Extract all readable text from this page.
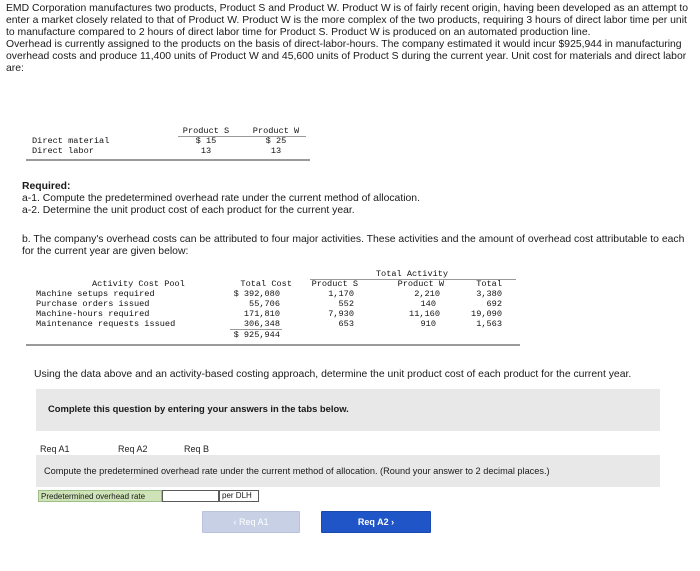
EMD Corporation manufactures two products, Product S and Product W. Product W is of fairly recent origin, having been developed as an attempt to enter a market closely related to that of Product W. Product W is the more complex of the two products, requiring 3 hours of direct labor time per unit to manufacture compared to 2 hours of direct labor time for Product S. Product W is produced on an automated production line.

Overhead is currently assigned to the products on the basis of direct-labor-hours. The company estimated it would incur $925,944 in manufacturing overhead costs and produce 11,400 units of Product W and 45,600 units of Product S during the current year. Unit cost for materials and direct labor are:

Product S	Product W
Direct material	$ 15	$ 25
Direct labor	13	13

Required:

a-1. Compute the predetermined overhead rate under the current method of allocation.

a-2. Determine the unit product cost of each product for the current year.

b. The company's overhead costs can be attributed to four major activities. These activities and the amount of overhead cost attributable to each for the current year are given below:
Total Activity
Activity Cost Pool	Total Cost	Product S	Product W	Total
Machine setups required	$ 392,080	1,170	2,210	3,380
Purchase orders issued	55,706	552	140	692
Machine-hours required	171,810	7,930	11,160	19,090
Maintenance requests issued	306,348	653	910	1,563
$ 925,944
Using the data above and an activity-based costing approach, determine the unit product cost of each product for the current year.
Complete this question by entering your answers in the tabs below.
Req A1	Req A2	Req B
Compute the predetermined overhead rate under the current method of allocation. (Round your answer to 2 decimal places.)
Predetermined overhead rate	per DLH
‹ Req A1	Req A2 ›
